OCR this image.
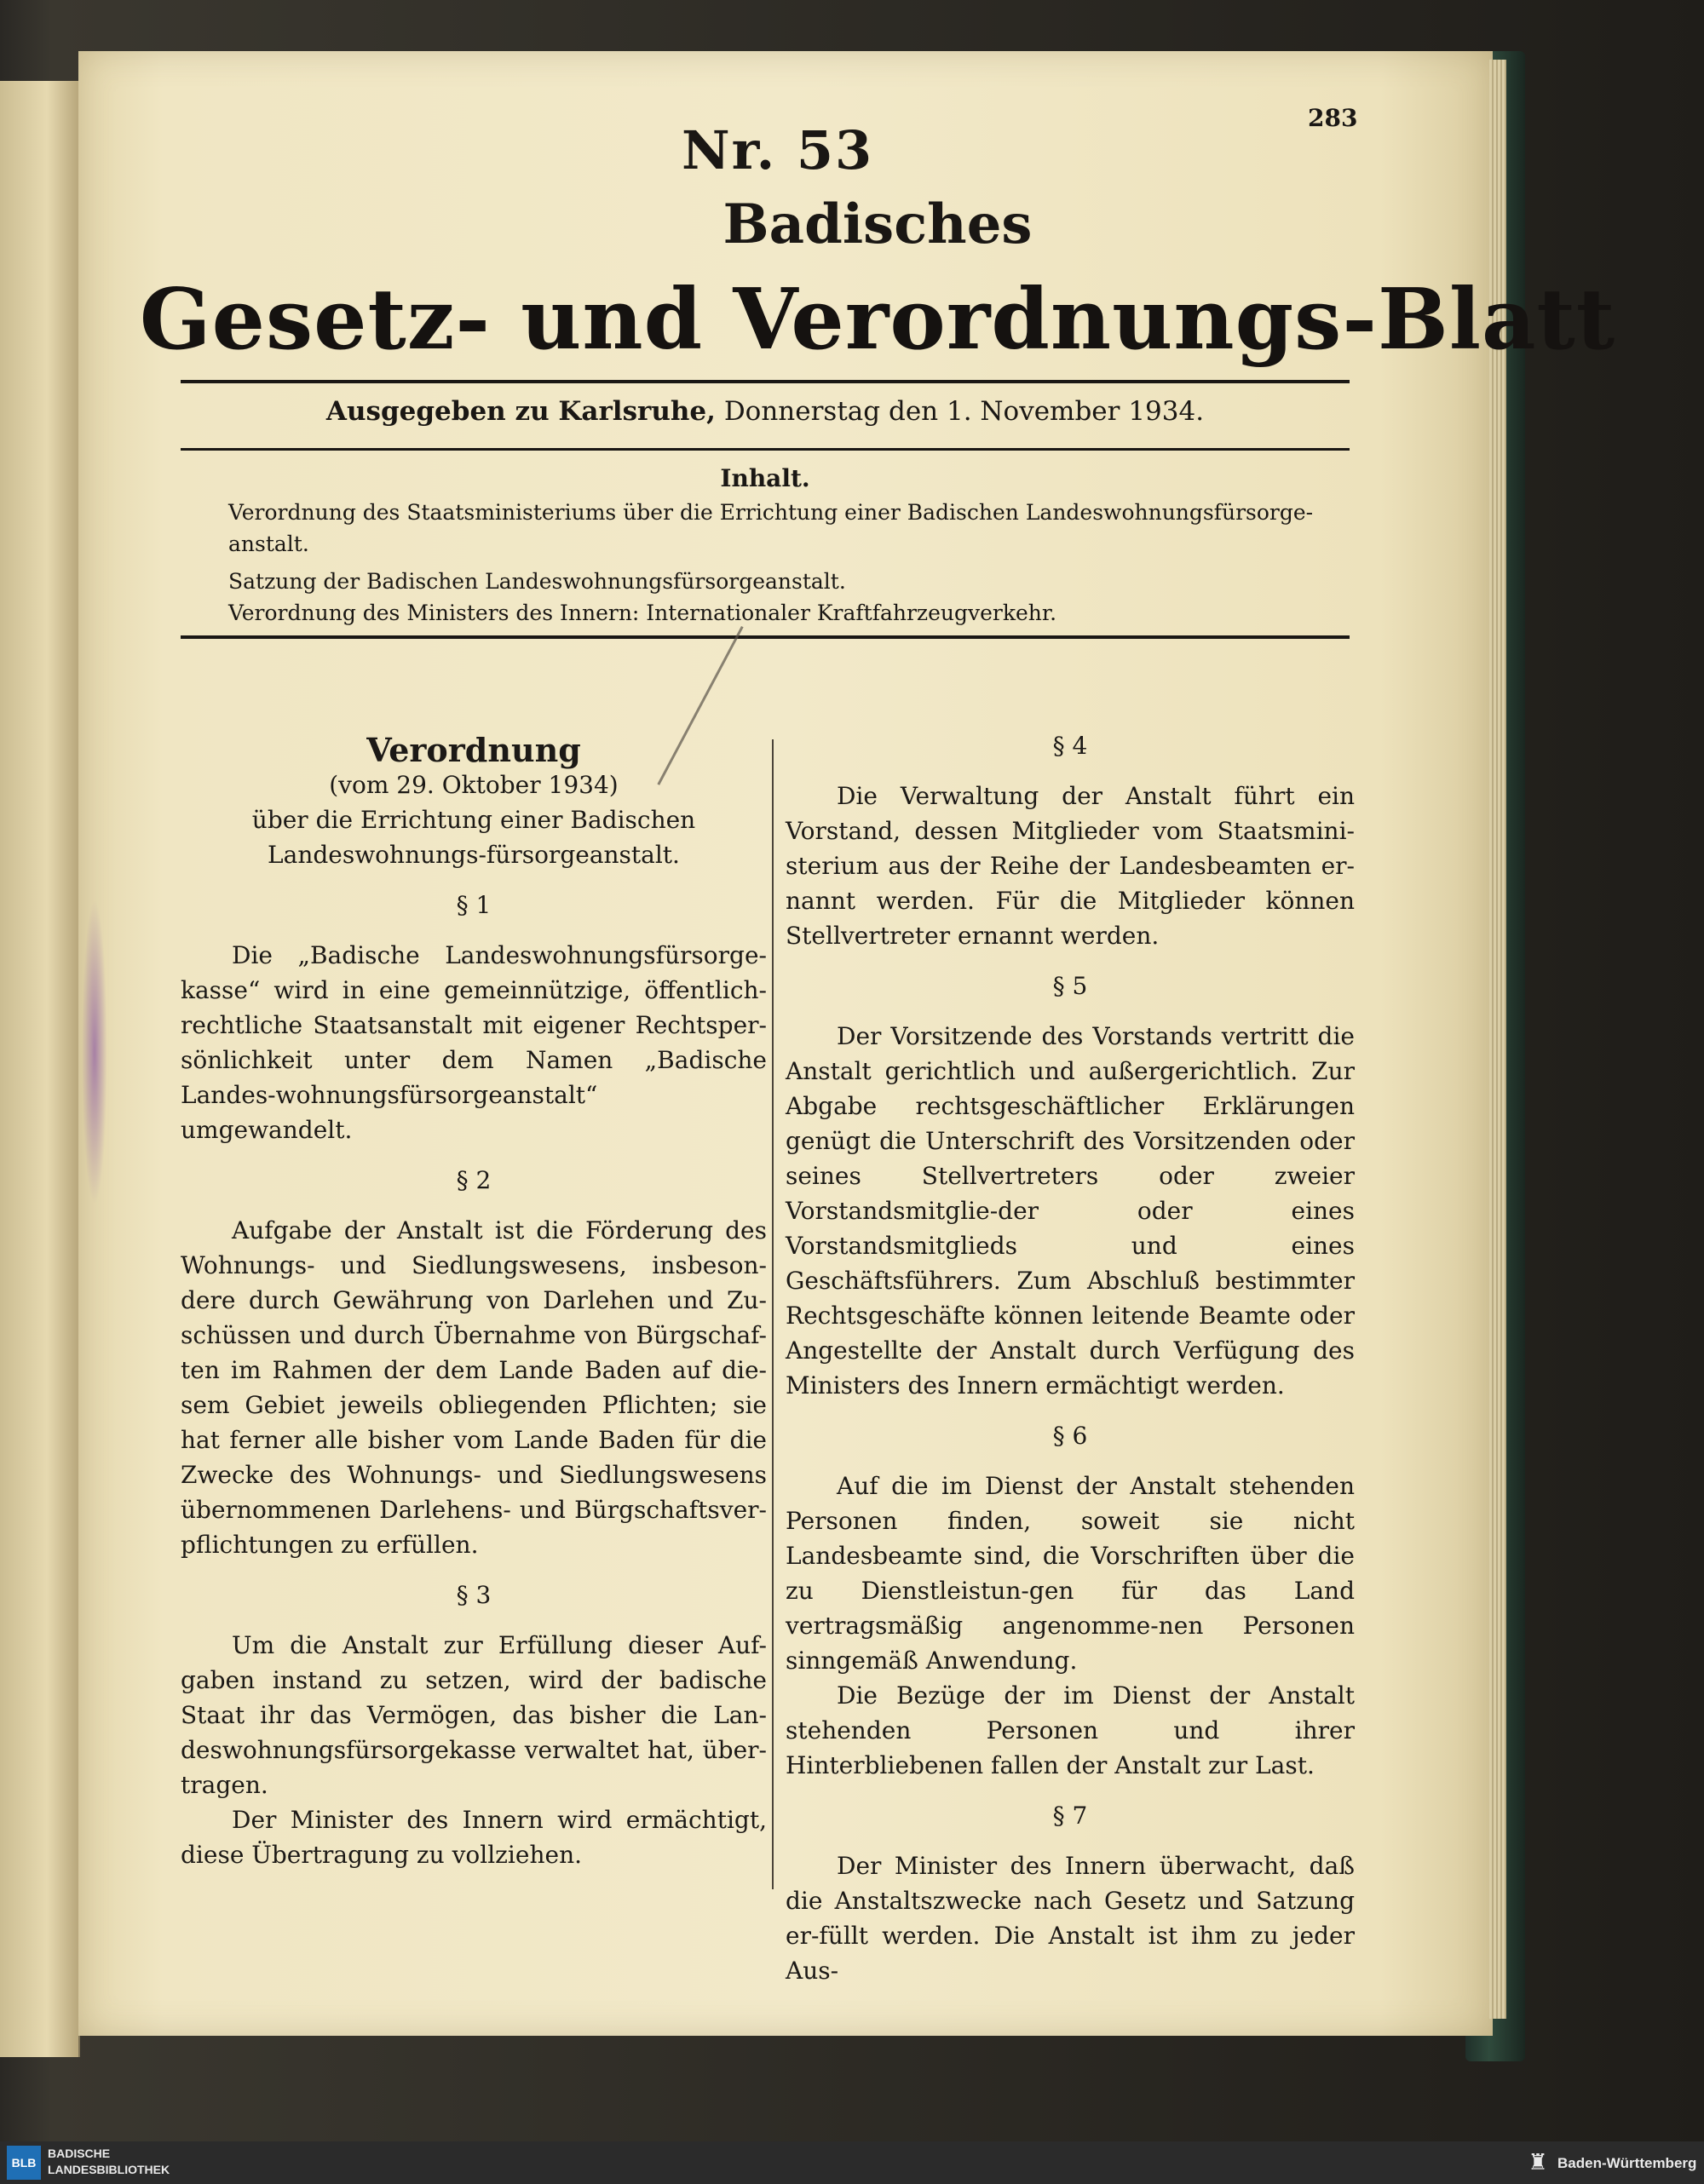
Nr. 53
283
Badisches
Gesetz- und Verordnungs-Blatt
Ausgegeben zu Karlsruhe, Donnerstag den 1. November 1934.
Inhalt.
Verordnung des Staatsministeriums über die Errichtung einer Badischen Landeswohnungsfürsorge-anstalt.
Satzung der Badischen Landeswohnungsfürsorgeanstalt.
Verordnung des Ministers des Innern: Internationaler Kraftfahrzeugverkehr.

Verordnung

(vom 29. Oktober 1934)

über die Errichtung einer Badischen Landeswohnungs-fürsorgeanstalt.

§ 1

Die „Badische Landeswohnungsfürsorge-kasse“ wird in eine gemeinnützige, öffentlich-rechtliche Staatsanstalt mit eigener Rechtsper-sönlichkeit unter dem Namen „Badische Landes-wohnungsfürsorgeanstalt“ umgewandelt.

§ 2

Aufgabe der Anstalt ist die Förderung des Wohnungs- und Siedlungswesens, insbeson-dere durch Gewährung von Darlehen und Zu-schüssen und durch Übernahme von Bürgschaf-ten im Rahmen der dem Lande Baden auf die-sem Gebiet jeweils obliegenden Pflichten; sie hat ferner alle bisher vom Lande Baden für die Zwecke des Wohnungs- und Siedlungswesens übernommenen Darlehens- und Bürgschaftsver-pflichtungen zu erfüllen.

§ 3

Um die Anstalt zur Erfüllung dieser Auf-gaben instand zu setzen, wird der badische Staat ihr das Vermögen, das bisher die Lan-deswohnungsfürsorgekasse verwaltet hat, über-tragen.

Der Minister des Innern wird ermächtigt, diese Übertragung zu vollziehen.

§ 4

Die Verwaltung der Anstalt führt ein Vorstand, dessen Mitglieder vom Staatsmini-sterium aus der Reihe der Landesbeamten er-nannt werden. Für die Mitglieder können Stellvertreter ernannt werden.

§ 5

Der Vorsitzende des Vorstands vertritt die Anstalt gerichtlich und außergerichtlich. Zur Abgabe rechtsgeschäftlicher Erklärungen genügt die Unterschrift des Vorsitzenden oder seines Stellvertreters oder zweier Vorstandsmitglie-der oder eines Vorstandsmitglieds und eines Geschäftsführers. Zum Abschluß bestimmter Rechtsgeschäfte können leitende Beamte oder Angestellte der Anstalt durch Verfügung des Ministers des Innern ermächtigt werden.

§ 6

Auf die im Dienst der Anstalt stehenden Personen finden, soweit sie nicht Landesbeamte sind, die Vorschriften über die zu Dienstleistun-gen für das Land vertragsmäßig angenomme-nen Personen sinngemäß Anwendung.

Die Bezüge der im Dienst der Anstalt stehenden Personen und ihrer Hinterbliebenen fallen der Anstalt zur Last.

§ 7

Der Minister des Innern überwacht, daß die Anstaltszwecke nach Gesetz und Satzung er-füllt werden. Die Anstalt ist ihm zu jeder Aus-

BLB
BADISCHE
LANDESBIBLIOTHEK	♜ Baden-Württemberg
